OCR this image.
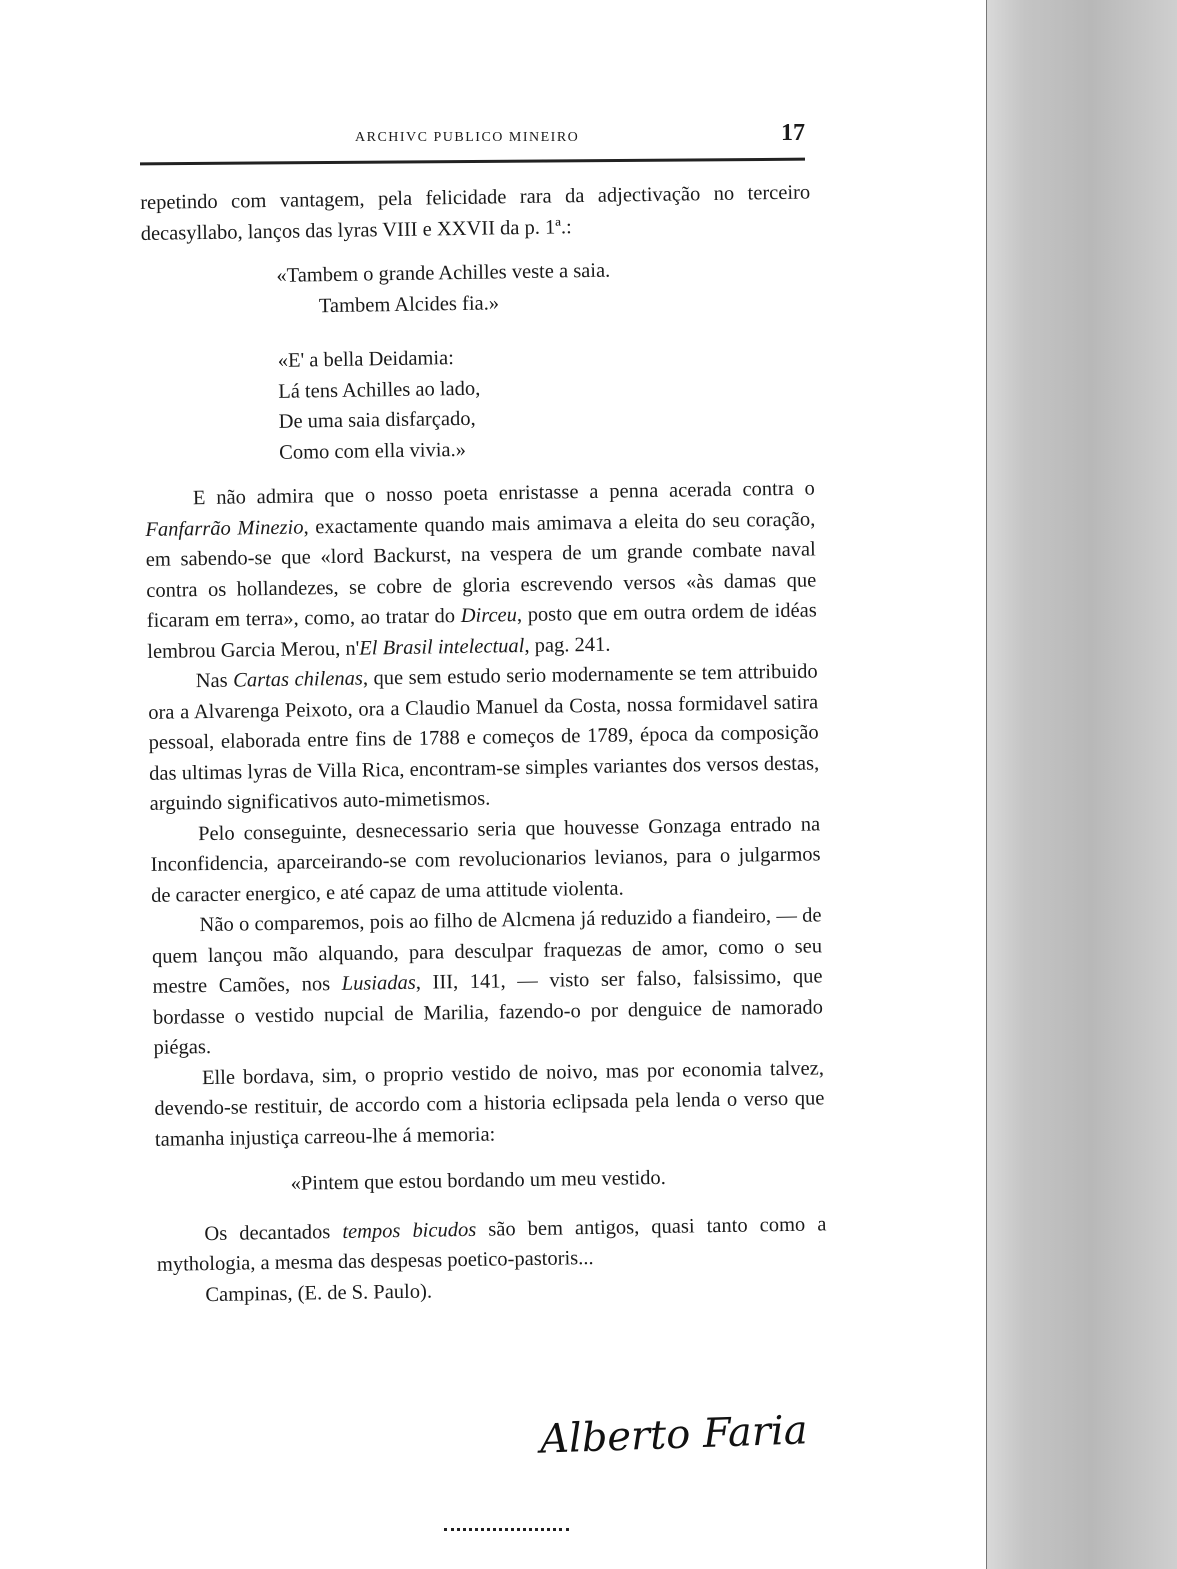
ARCHIVC PUBLICO MINEIRO	17

repetindo com vantagem, pela felicidade rara da adjectivação no terceiro decasyllabo, lanços das lyras VIII e XXVII da p. 1ª.:

«Tambem o grande Achilles veste a saia.
Tambem Alcides fia.»
«E' a bella Deidamia:
Lá tens Achilles ao lado,
De uma saia disfarçado,
Como com ella vivia.»

E não admira que o nosso poeta enristasse a penna acerada contra o Fanfarrão Minezio, exactamente quando mais amimava a eleita do seu coração, em sabendo-se que «lord Backurst, na vespera de um grande combate naval contra os hollandezes, se cobre de gloria escrevendo versos «às damas que ficaram em terra», como, ao tratar do Dirceu, posto que em outra ordem de idéas lembrou Garcia Merou, n'El Brasil intelectual, pag. 241.

Nas Cartas chilenas, que sem estudo serio modernamente se tem attribuido ora a Alvarenga Peixoto, ora a Claudio Manuel da Costa, nossa formidavel satira pessoal, elaborada entre fins de 1788 e começos de 1789, época da composição das ultimas lyras de Villa Rica, encontram-se simples variantes dos versos destas, arguindo significativos auto-mimetismos.

Pelo conseguinte, desnecessario seria que houvesse Gonzaga entrado na Inconfidencia, aparceirando-se com revolucionarios levianos, para o julgarmos de caracter energico, e até capaz de uma attitude violenta.

Não o comparemos, pois ao filho de Alcmena já reduzido a fiandeiro, — de quem lançou mão alquando, para desculpar fraquezas de amor, como o seu mestre Camões, nos Lusiadas, III, 141, — visto ser falso, falsissimo, que bordasse o vestido nupcial de Marilia, fazendo-o por denguice de namorado piégas.

Elle bordava, sim, o proprio vestido de noivo, mas por economia talvez, devendo-se restituir, de accordo com a historia eclipsada pela lenda o verso que tamanha injustiça carreou-lhe á memoria:

«Pintem que estou bordando um meu vestido.

Os decantados tempos bicudos são bem antigos, quasi tanto como a mythologia, a mesma das despesas poetico-pastoris...

Campinas, (E. de S. Paulo).

Alberto Faria
